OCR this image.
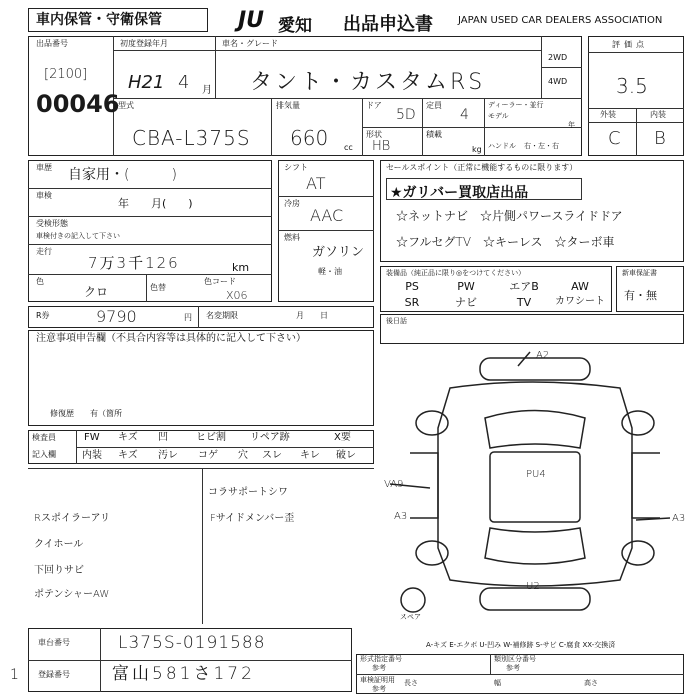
車内保管・守衛保管	JU 愛知 出品申込書	JAPAN USED CAR DEALERS ASSOCIATION
出品番号
[2100]
00046
初度登録年月
H21 4 月
車名・グレード
タント・カスタムRS
2WD
4WD
型式
CBA-L375S
排気量
660 cc
ドア
5D
定員
4
形状
HB
積載
kg
ディーラー・並行
モデル
年
ハンドル 右・左・右
評価点
3.5
外装	内装
C B
車歴 自家用・(　　　)
車検
年　　月(　　)
受検形態
車検付きの記入して下さい
走行
7万3千126	km
色
クロ	色替
色コード
X06
シフト
AT
冷房
AAC
燃料
ガソリン
軽・油
セールスポイント（正常に機能するものに限ります）
★ガリバー買取店出品
☆ネットナビ　☆片側パワースライドドア
☆フルセグTV　☆キーレス　☆ターボ車
装備品（純正品に限り◎をつけてください）
PS	PW	エアB	AW
SR	ナビ	TV	カワシート
新車保証書
有・無
R券	9790	円 名変期限	月　　日
注意事項申告欄（不具合内容等は具体的に記入して下さい）
修復歴　　有（箇所
後日話
検査員
記入欄
FW キズ 凹	ヒビ割 リペア跡	X要
内装 キズ 汚レ コゲ 穴 スレ キレ 破レ
コラサポートシワ
Rスポイラーアリ	Fサイドメンバー歪
クイホール
下回りサビ
ポテンシャーAW
A2
VA9
A3	A3
PU4
U2
スペア
A-キズ E-エクボ U-凹み W-補修跡 S-サビ C-腐食 XX-交換済
車台番号	L375S-0191588
登録番号 富山581さ172
1
形式指定番号
参考
類別区分番号
参考
車検証明用
参考
長さ	幅	高さ
